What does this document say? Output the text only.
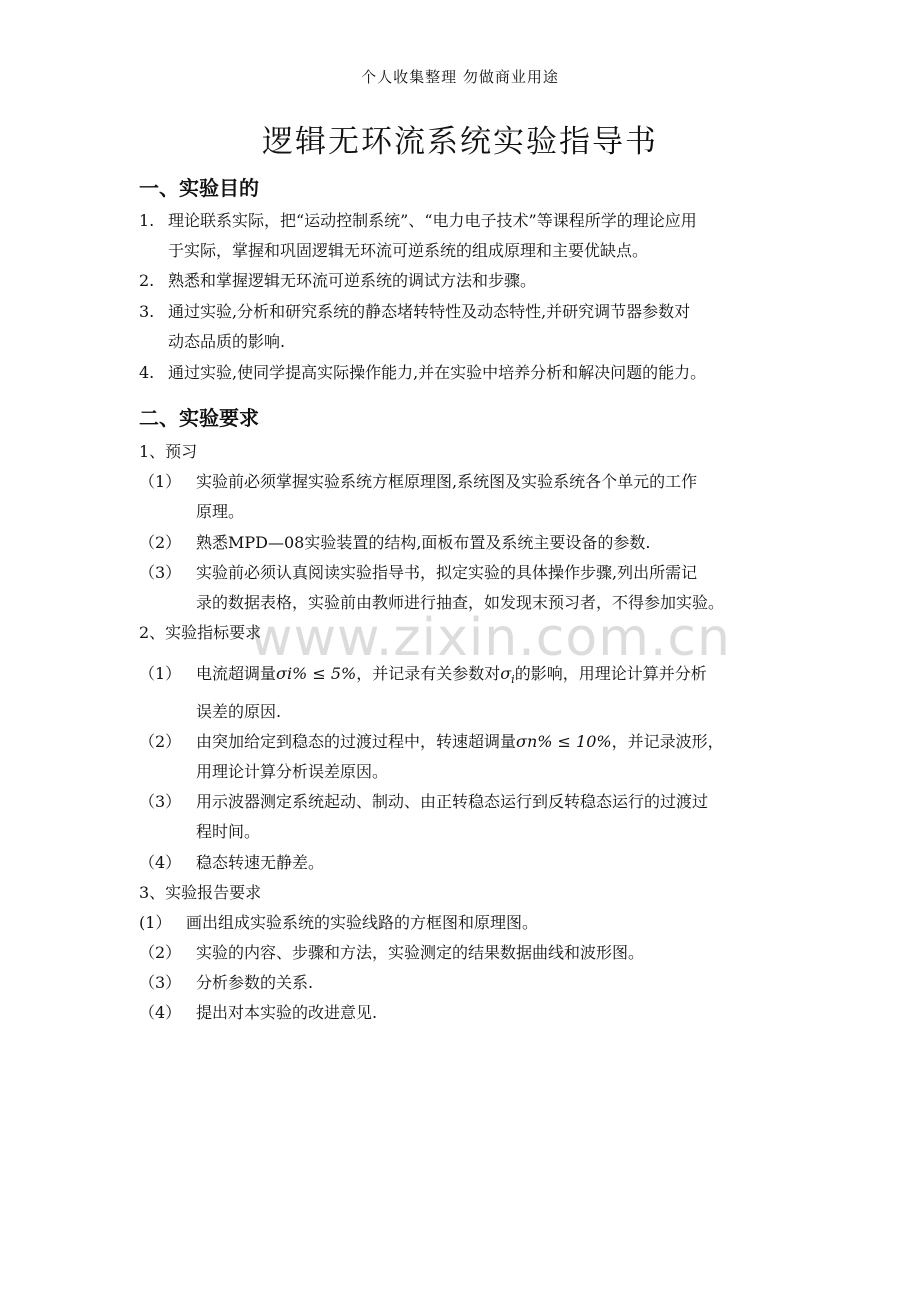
个人收集整理 勿做商业用途
逻辑无环流系统实验指导书
www.zixin.com.cn
一、实验目的
1. 理论联系实际，把“运动控制系统”、“电力电子技术”等课程所学的理论应用
于实际，掌握和巩固逻辑无环流可逆系统的组成原理和主要优缺点。
2. 熟悉和掌握逻辑无环流可逆系统的调试方法和步骤。
3. 通过实验,分析和研究系统的静态堵转特性及动态特性,并研究调节器参数对
动态品质的影响.
4. 通过实验,使同学提高实际操作能力,并在实验中培养分析和解决问题的能力。
二、实验要求
1、预习
（1） 实验前必须掌握实验系统方框原理图,系统图及实验系统各个单元的工作
原理。
（2） 熟悉MPD—08实验装置的结构,面板布置及系统主要设备的参数.
（3） 实验前必须认真阅读实验指导书，拟定实验的具体操作步骤,列出所需记
录的数据表格，实验前由教师进行抽查，如发现末预习者，不得参加实验。
2、实验指标要求
（1） 电流超调量σi% ≤ 5%，并记录有关参数对$\sigma_i$的影响，用理论计算并分析
误差的原因.
（2） 由突加给定到稳态的过渡过程中，转速超调量σn% ≤ 10%，并记录波形，
用理论计算分析误差原因。
（3） 用示波器测定系统起动、制动、由正转稳态运行到反转稳态运行的过渡过
程时间。
（4） 稳态转速无静差。
3、实验报告要求
(1） 画出组成实验系统的实验线路的方框图和原理图。
（2） 实验的内容、步骤和方法，实验测定的结果数据曲线和波形图。
（3） 分析参数的关系.
（4） 提出对本实验的改进意见.
